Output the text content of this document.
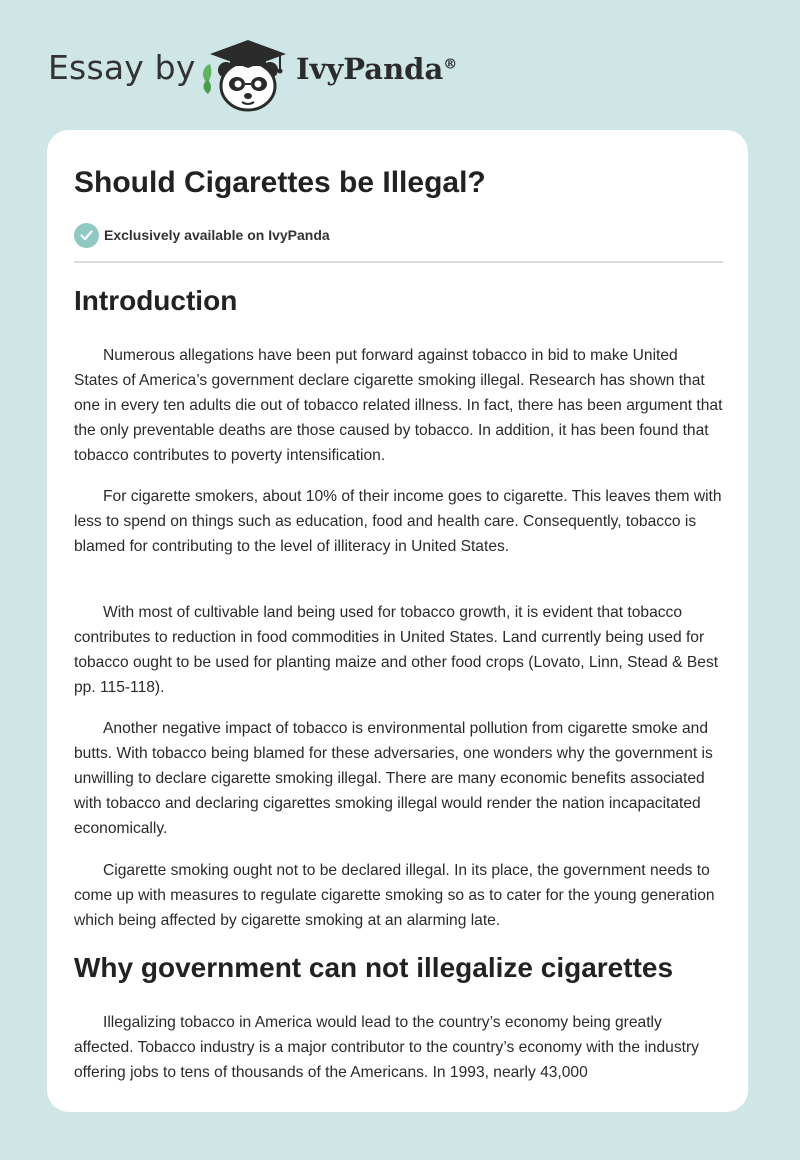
Essay by	IvyPanda®
Should Cigarettes be Illegal?
Exclusively available on IvyPanda
Introduction

Numerous allegations have been put forward against tobacco in bid to make United States of America’s government declare cigarette smoking illegal. Research has shown that one in every ten adults die out of tobacco related illness. In fact, there has been argument that the only preventable deaths are those caused by tobacco. In addition, it has been found that tobacco contributes to poverty intensification.

For cigarette smokers, about 10% of their income goes to cigarette. This leaves them with less to spend on things such as education, food and health care. Consequently, tobacco is blamed for contributing to the level of illiteracy in United States.

With most of cultivable land being used for tobacco growth, it is evident that tobacco contributes to reduction in food commodities in United States. Land currently being used for tobacco ought to be used for planting maize and other food crops (Lovato, Linn, Stead & Best pp. 115-118).

Another negative impact of tobacco is environmental pollution from cigarette smoke and butts. With tobacco being blamed for these adversaries, one wonders why the government is unwilling to declare cigarette smoking illegal. There are many economic benefits associated with tobacco and declaring cigarettes smoking illegal would render the nation incapacitated economically.

Cigarette smoking ought not to be declared illegal. In its place, the government needs to come up with measures to regulate cigarette smoking so as to cater for the young generation which being affected by cigarette smoking at an alarming late.

Why government can not illegalize cigarettes

Illegalizing tobacco in America would lead to the country’s economy being greatly affected. Tobacco industry is a major contributor to the country’s economy with the industry offering jobs to tens of thousands of the Americans. In 1993, nearly 43,000
